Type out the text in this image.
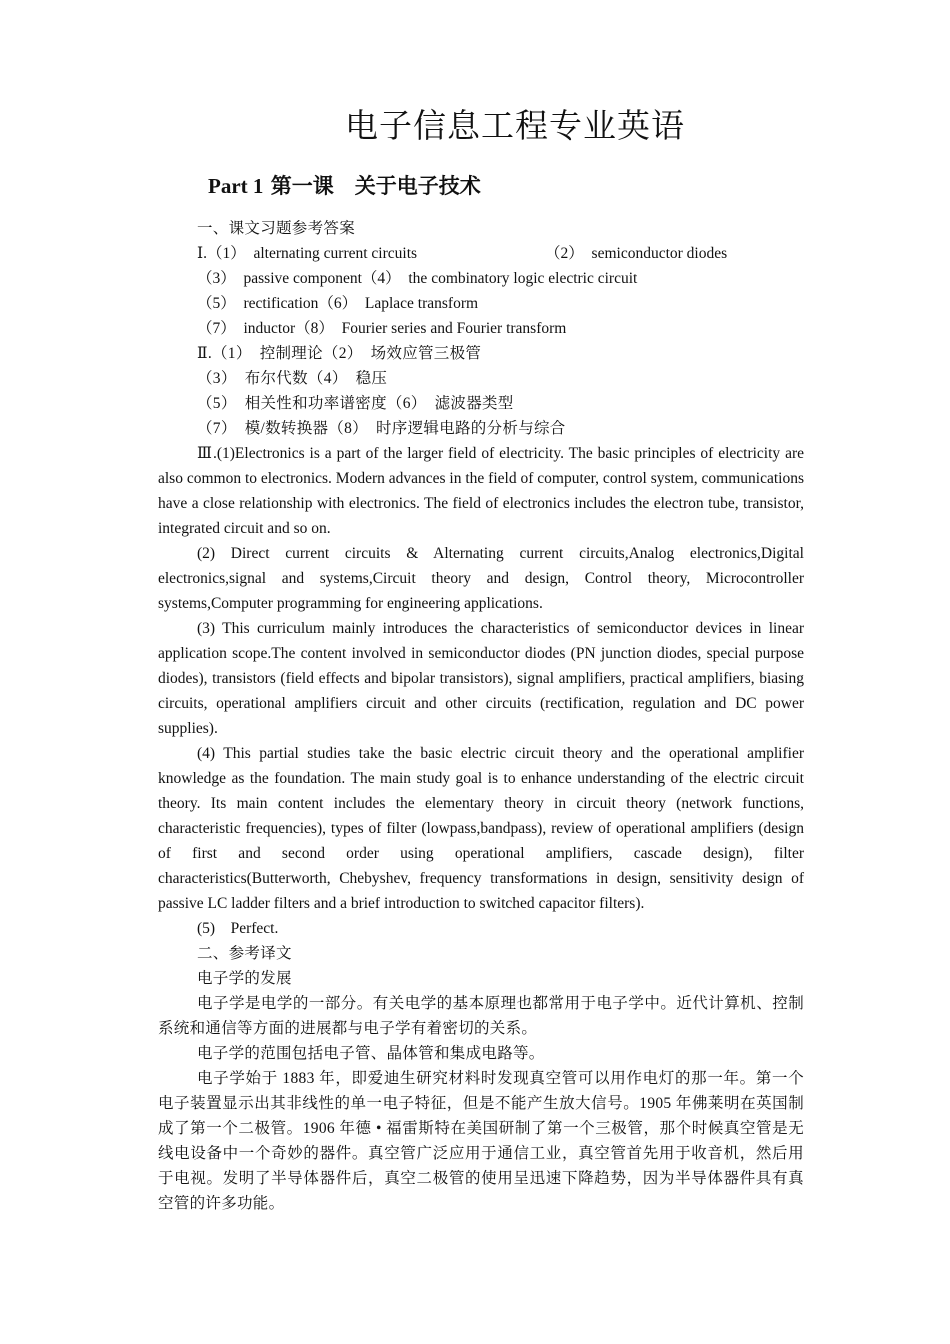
电子信息工程专业英语
Part 1 第一课　关于电子技术

一、课文习题参考答案

Ⅰ.（1）　alternating current circuits	（2）　semiconductor diodes

（3）　passive component（4）　the combinatory logic electric circuit

（5）　rectification（6）　Laplace transform

（7）　inductor（8）　Fourier series and Fourier transform

Ⅱ.（1）　控制理论（2）　场效应管三极管

（3）　布尔代数（4）　稳压

（5）　相关性和功率谱密度（6）　滤波器类型

（7）　模/数转换器（8）　时序逻辑电路的分析与综合

Ⅲ.(1)Electronics is a part of the larger field of electricity. The basic principles of electricity are also common to electronics. Modern advances in the field of computer, control system, communications have a close relationship with electronics. The field of electronics includes the electron tube, transistor, integrated circuit and so on.

(2) Direct current circuits & Alternating current circuits,Analog electronics,Digital electronics,signal and systems,Circuit theory and design, Control theory, Microcontroller systems,Computer programming for engineering applications.

(3) This curriculum mainly introduces the characteristics of semiconductor devices in linear application scope.The content involved in semiconductor diodes (PN junction diodes, special purpose diodes), transistors (field effects and bipolar transistors), signal amplifiers, practical amplifiers, biasing circuits, operational amplifiers circuit and other circuits (rectification, regulation and DC power supplies).

(4) This partial studies take the basic electric circuit theory and the operational amplifier knowledge as the foundation. The main study goal is to enhance understanding of the electric circuit theory. Its main content includes the elementary theory in circuit theory (network functions, characteristic frequencies), types of filter (lowpass,bandpass), review of operational amplifiers (design of first and second order using operational amplifiers, cascade design), filter characteristics(Butterworth, Chebyshev, frequency transformations in design, sensitivity design of passive LC ladder filters and a brief introduction to switched capacitor filters).

(5)　Perfect.

二、参考译文

电子学的发展

电子学是电学的一部分。有关电学的基本原理也都常用于电子学中。近代计算机、控制系统和通信等方面的进展都与电子学有着密切的关系。

电子学的范围包括电子管、晶体管和集成电路等。

电子学始于 1883 年，即爱迪生研究材料时发现真空管可以用作电灯的那一年。第一个电子装置显示出其非线性的单一电子特征，但是不能产生放大信号。1905 年佛莱明在英国制成了第一个二极管。1906 年德 • 福雷斯特在美国研制了第一个三极管，那个时候真空管是无线电设备中一个奇妙的器件。真空管广泛应用于通信工业，真空管首先用于收音机，然后用于电视。发明了半导体器件后，真空二极管的使用呈迅速下降趋势，因为半导体器件具有真空管的许多功能。
